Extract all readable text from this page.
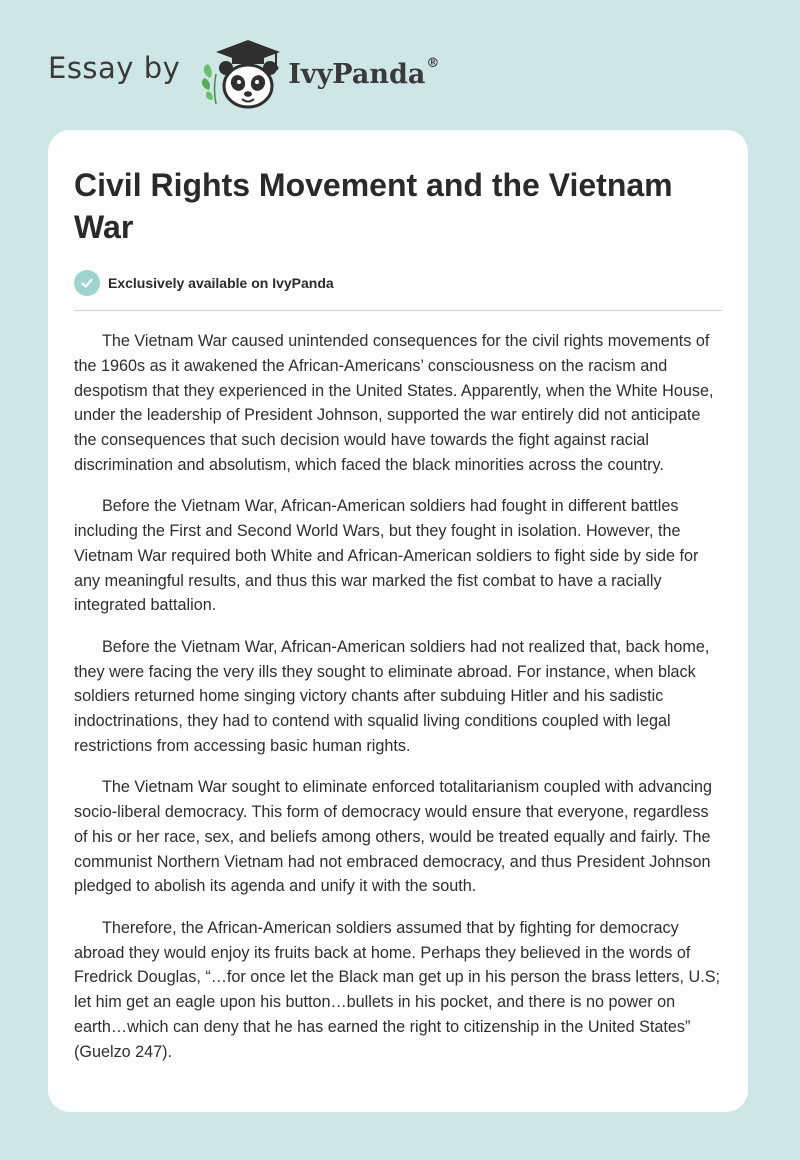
Essay by	IvyPanda®
Civil Rights Movement and the Vietnam War
Exclusively available on IvyPanda

The Vietnam War caused unintended consequences for the civil rights movements of the 1960s as it awakened the African-Americans’ consciousness on the racism and despotism that they experienced in the United States. Apparently, when the White House, under the leadership of President Johnson, supported the war entirely did not anticipate the consequences that such decision would have towards the fight against racial discrimination and absolutism, which faced the black minorities across the country.

Before the Vietnam War, African-American soldiers had fought in different battles including the First and Second World Wars, but they fought in isolation. However, the Vietnam War required both White and African-American soldiers to fight side by side for any meaningful results, and thus this war marked the fist combat to have a racially integrated battalion.

Before the Vietnam War, African-American soldiers had not realized that, back home, they were facing the very ills they sought to eliminate abroad. For instance, when black soldiers returned home singing victory chants after subduing Hitler and his sadistic indoctrinations, they had to contend with squalid living conditions coupled with legal restrictions from accessing basic human rights.

The Vietnam War sought to eliminate enforced totalitarianism coupled with advancing socio-liberal democracy. This form of democracy would ensure that everyone, regardless of his or her race, sex, and beliefs among others, would be treated equally and fairly. The communist Northern Vietnam had not embraced democracy, and thus President Johnson pledged to abolish its agenda and unify it with the south.

Therefore, the African-American soldiers assumed that by fighting for democracy abroad they would enjoy its fruits back at home. Perhaps they believed in the words of Fredrick Douglas, “…for once let the Black man get up in his person the brass letters, U.S; let him get an eagle upon his button…bullets in his pocket, and there is no power on earth…which can deny that he has earned the right to citizenship in the United States” (Guelzo 247).
